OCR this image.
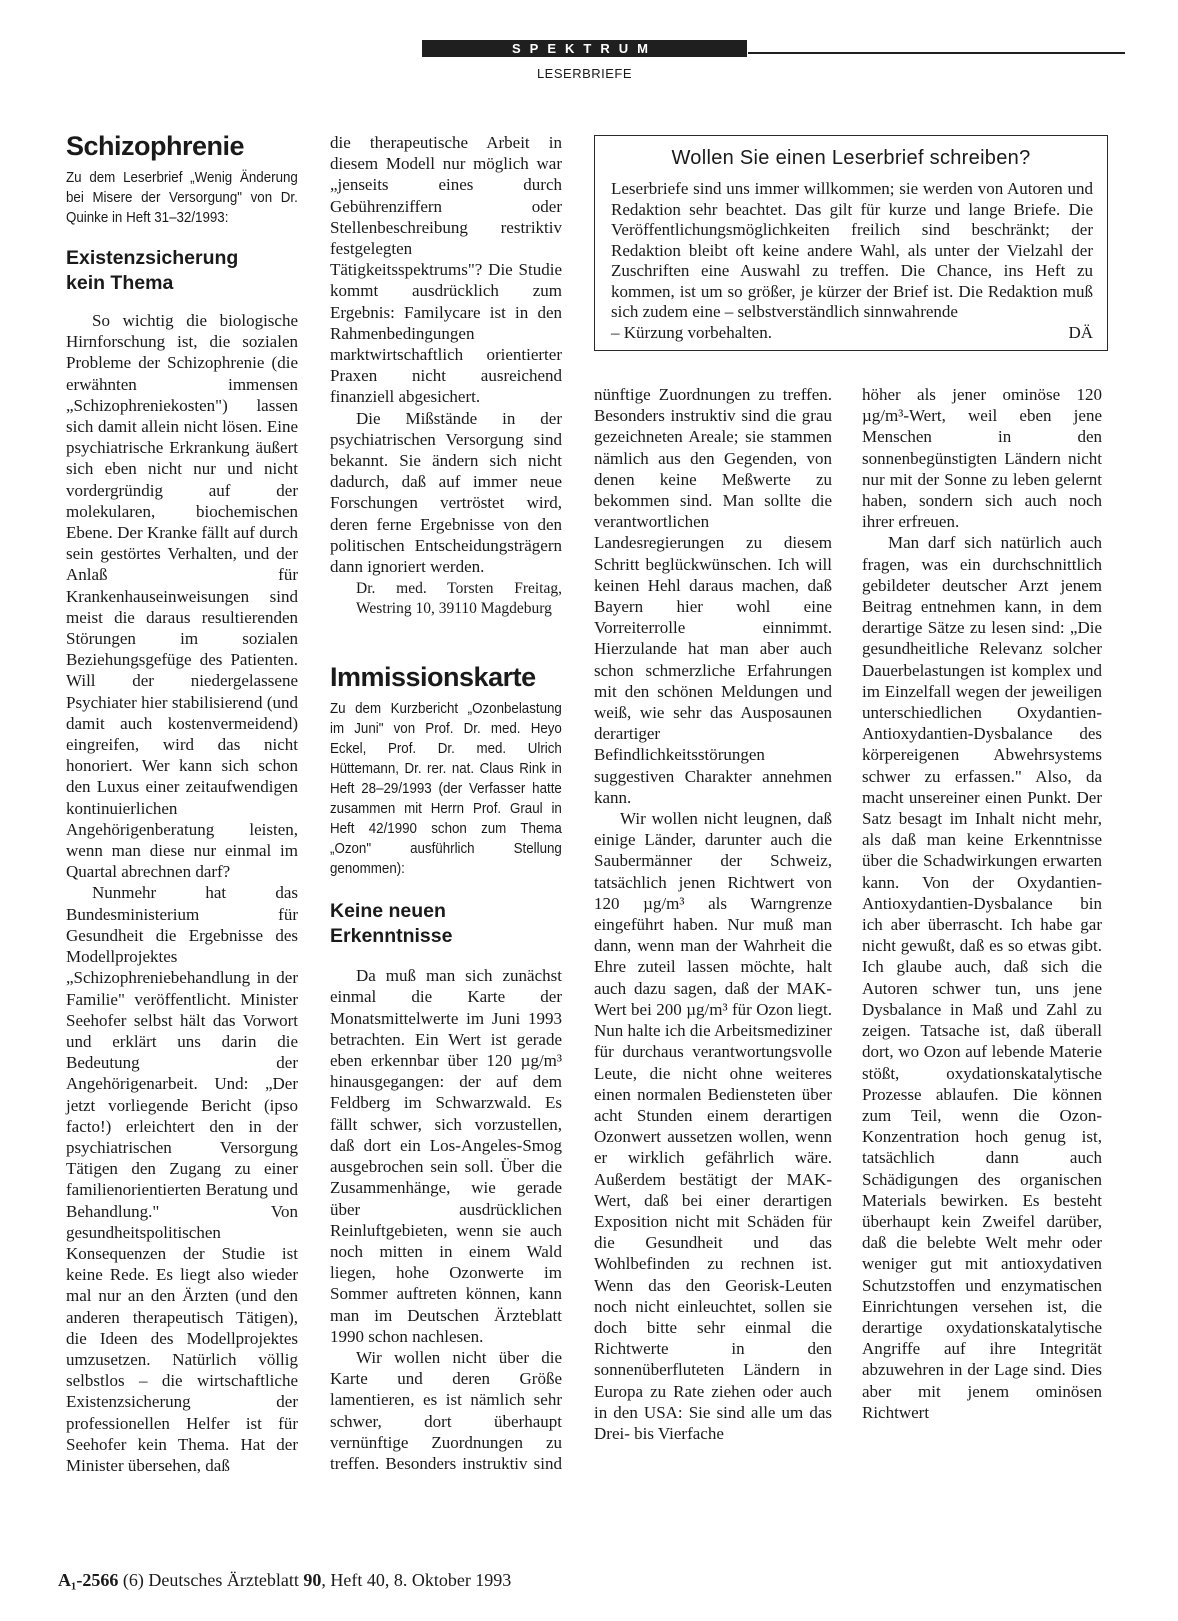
SPEKTRUM
LESERBRIEFE
Schizophrenie

Zu dem Leserbrief „Wenig Änderung bei Misere der Versorgung" von Dr. Quinke in Heft 31–32/1993:

Existenzsicherung kein Thema

So wichtig die biologische Hirnforschung ist, die sozialen Probleme der Schizophrenie (die erwähnten immensen „Schizophreniekosten") lassen sich damit allein nicht lösen. Eine psychiatrische Erkrankung äußert sich eben nicht nur und nicht vordergründig auf der molekularen, biochemischen Ebene. Der Kranke fällt auf durch sein gestörtes Verhalten, und der Anlaß für Krankenhauseinweisungen sind meist die daraus resultierenden Störungen im sozialen Beziehungsgefüge des Patienten. Will der niedergelassene Psychiater hier stabilisierend (und damit auch kostenvermeidend) eingreifen, wird das nicht honoriert. Wer kann sich schon den Luxus einer zeitaufwendigen kontinuierlichen Angehörigenberatung leisten, wenn man diese nur einmal im Quartal abrechnen darf?

Nunmehr hat das Bundesministerium für Gesundheit die Ergebnisse des Modellprojektes „Schizophreniebehandlung in der Familie" veröffentlicht. Minister Seehofer selbst hält das Vorwort und erklärt uns darin die Bedeutung der Angehörigenarbeit. Und: „Der jetzt vorliegende Bericht (ipso facto!) erleichtert den in der psychiatrischen Versorgung Tätigen den Zugang zu einer familienorientierten Beratung und Behandlung." Von gesundheitspolitischen Konsequenzen der Studie ist keine Rede. Es liegt also wieder mal nur an den Ärzten (und den anderen therapeutisch Tätigen), die Ideen des Modellprojektes umzusetzen. Natürlich völlig selbstlos – die wirtschaftliche Existenzsicherung der professionellen Helfer ist für Seehofer kein Thema. Hat der Minister übersehen, daß

die therapeutische Arbeit in diesem Modell nur möglich war „jenseits eines durch Gebührenziffern oder Stellenbeschreibung restriktiv festgelegten Tätigkeitsspektrums"? Die Studie kommt ausdrücklich zum Ergebnis: Familycare ist in den Rahmenbedingungen marktwirtschaftlich orientierter Praxen nicht ausreichend finanziell abgesichert.

Die Mißstände in der psychiatrischen Versorgung sind bekannt. Sie ändern sich nicht dadurch, daß auf immer neue Forschungen vertröstet wird, deren ferne Ergebnisse von den politischen Entscheidungsträgern dann ignoriert werden.

Dr. med. Torsten Freitag, Westring 10, 39110 Magdeburg

Immissionskarte

Zu dem Kurzbericht „Ozonbelastung im Juni" von Prof. Dr. med. Heyo Eckel, Prof. Dr. med. Ulrich Hüttemann, Dr. rer. nat. Claus Rink in Heft 28–29/1993 (der Verfasser hatte zusammen mit Herrn Prof. Graul in Heft 42/1990 schon zum Thema „Ozon" ausführlich Stellung genommen):

Keine neuen Erkenntnisse

Da muß man sich zunächst einmal die Karte der Monatsmittelwerte im Juni 1993 betrachten. Ein Wert ist gerade eben erkennbar über 120 µg/m³ hinausgegangen: der auf dem Feldberg im Schwarzwald. Es fällt schwer, sich vorzustellen, daß dort ein Los-Angeles-Smog ausgebrochen sein soll. Über die Zusammenhänge, wie gerade über ausdrücklichen Reinluftgebieten, wenn sie auch noch mitten in einem Wald liegen, hohe Ozonwerte im Sommer auftreten können, kann man im Deutschen Ärzteblatt 1990 schon nachlesen.

Wir wollen nicht über die Karte und deren Größe lamentieren, es ist nämlich sehr schwer, dort überhaupt vernünftige Zuordnungen zu treffen. Besonders instruktiv sind

Wollen Sie einen Leserbrief schreiben?
Leserbriefe sind uns immer willkommen; sie werden von Autoren und Redaktion sehr beachtet. Das gilt für kurze und lange Briefe. Die Veröffentlichungsmöglichkeiten freilich sind beschränkt; der Redaktion bleibt oft keine andere Wahl, als unter der Vielzahl der Zuschriften eine Auswahl zu treffen. Die Chance, ins Heft zu kommen, ist um so größer, je kürzer der Brief ist. Die Redaktion muß sich zudem eine – selbstverständlich sinnwahrende
– Kürzung vorbehalten.	DÄ

nünftige Zuordnungen zu treffen. Besonders instruktiv sind die grau gezeichneten Areale; sie stammen nämlich aus den Gegenden, von denen keine Meßwerte zu bekommen sind. Man sollte die verantwortlichen Landesregierungen zu diesem Schritt beglückwünschen. Ich will keinen Hehl daraus machen, daß Bayern hier wohl eine Vorreiterrolle einnimmt. Hierzulande hat man aber auch schon schmerzliche Erfahrungen mit den schönen Meldungen und weiß, wie sehr das Ausposaunen derartiger Befindlichkeitsstörungen suggestiven Charakter annehmen kann.

Wir wollen nicht leugnen, daß einige Länder, darunter auch die Saubermänner der Schweiz, tatsächlich jenen Richtwert von 120 µg/m³ als Warngrenze eingeführt haben. Nur muß man dann, wenn man der Wahrheit die Ehre zuteil lassen möchte, halt auch dazu sagen, daß der MAK-Wert bei 200 µg/m³ für Ozon liegt. Nun halte ich die Arbeitsmediziner für durchaus verantwortungsvolle Leute, die nicht ohne weiteres einen normalen Bediensteten über acht Stunden einem derartigen Ozonwert aussetzen wollen, wenn er wirklich gefährlich wäre. Außerdem bestätigt der MAK-Wert, daß bei einer derartigen Exposition nicht mit Schäden für die Gesundheit und das Wohlbefinden zu rechnen ist. Wenn das den Georisk-Leuten noch nicht einleuchtet, sollen sie doch bitte sehr einmal die Richtwerte in den sonnenüberfluteten Ländern in Europa zu Rate ziehen oder auch in den USA: Sie sind alle um das Drei- bis Vierfache

höher als jener ominöse 120 µg/m³-Wert, weil eben jene Menschen in den sonnenbegünstigten Ländern nicht nur mit der Sonne zu leben gelernt haben, sondern sich auch noch ihrer erfreuen.

Man darf sich natürlich auch fragen, was ein durchschnittlich gebildeter deutscher Arzt jenem Beitrag entnehmen kann, in dem derartige Sätze zu lesen sind: „Die gesundheitliche Relevanz solcher Dauerbelastungen ist komplex und im Einzelfall wegen der jeweiligen unterschiedlichen Oxydantien-Antioxydantien-Dysbalance des körpereigenen Abwehrsystems schwer zu erfassen." Also, da macht unsereiner einen Punkt. Der Satz besagt im Inhalt nicht mehr, als daß man keine Erkenntnisse über die Schadwirkungen erwarten kann. Von der Oxydantien-Antioxydantien-Dysbalance bin ich aber überrascht. Ich habe gar nicht gewußt, daß es so etwas gibt. Ich glaube auch, daß sich die Autoren schwer tun, uns jene Dysbalance in Maß und Zahl zu zeigen. Tatsache ist, daß überall dort, wo Ozon auf lebende Materie stößt, oxydationskatalytische Prozesse ablaufen. Die können zum Teil, wenn die Ozon-Konzentration hoch genug ist, tatsächlich dann auch Schädigungen des organischen Materials bewirken. Es besteht überhaupt kein Zweifel darüber, daß die belebte Welt mehr oder weniger gut mit antioxydativen Schutzstoffen und enzymatischen Einrichtungen versehen ist, die derartige oxydationskatalytische Angriffe auf ihre Integrität abzuwehren in der Lage sind. Dies aber mit jenem ominösen Richtwert

A₁-2566 (6) Deutsches Ärzteblatt 90, Heft 40, 8. Oktober 1993
